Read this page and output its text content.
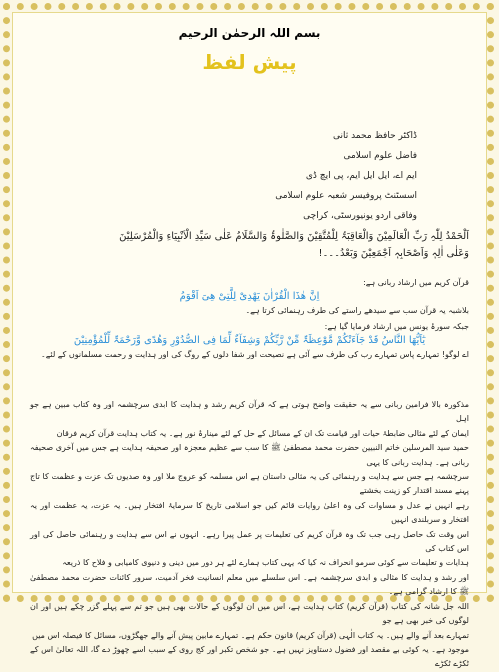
بسم اللہ الرحمٰن الرحیم
پیش لفظ
ڈاکٹر حافظ محمد ثانی
فاضل علوم اسلامی
ایم اے، ایل ایل ایم، پی ایچ ڈی
اسسٹنٹ پروفیسر شعبہ علوم اسلامی
وفاقی اردو یونیورسٹی، کراچی
اَلْحَمْدُ لِلّٰہِ رَبِّ الْعَالَمِیْنَ وَالْعَاقِبَۃُ لِلْمُتَّقِیْنَ وَالصَّلٰوۃُ وَالسَّلَامُ عَلٰی سَیِّدِ الْاَنْبِیَاءِ وَالْمُرْسَلِیْنَ
وَعَلٰی اٰلِہٖ وَاَصْحَابِہٖ اَجْمَعِیْنَ وَبَعْدُ۔۔۔!
قرآن کریم میں ارشاد ربانی ہے:
اِنَّ ھٰذَا الْقُرْاٰنَ یَھْدِیْ لِلَّتِیْ ھِیَ اَقْوَمُ
بلاشبہ یہ قرآن سب سے سیدھے راستے کی طرف رہنمائی کرتا ہے۔
جبکہ سورۂ یونس میں ارشاد فرمایا گیا ہے:
یٰٓاَیُّھَا النَّاسُ قَدْ جَآءَتْکُمْ مَّوْعِظَۃٌ مِّنْ رَّبِّکُمْ وَشِفَآءٌ لِّمَا فِی الصُّدُوْرِ وَھُدًی وَّرَحْمَۃٌ لِّلْمُؤْمِنِیْنَ
اے لوگو! تمہارے پاس تمہارے رب کی طرف سے آئی ہے نصیحت اور شفا دلوں کے روگ کی اور ہدایت و رحمت مسلمانوں کے لئے۔
مذکورہ بالا فرامین ربانی سے یہ حقیقت واضح ہوتی ہے کہ قرآن کریم رشد و ہدایت کا ابدی سرچشمہ اور وہ کتاب مبین ہے جو اہل
ایمان کے لئے مثالی ضابطۂ حیات اور قیامت تک ان کے مسائل کے حل کے لئے مینارۂ نور ہے۔ یہ کتاب ہدایت قرآن کریم فرقان
حمید سید المرسلین خاتم النبیین حضرت محمد مصطفیٰ ﷺ کا سب سے عظیم معجزہ اور صحیفہ ہدایت ہے جس میں آخری صحیفہ ربانی ہے۔ ہدایت ربانی کا یہی
سرچشمہ ہے جس سے ہدایت و رہنمائی کی یہ مثالی داستان ہے اس مسلمہ کو عروج ملا اور وہ صدیوں تک عزت و عظمت کا تاج پہنے مسند اقتدار کو زینت بخشتے
رہے انہیں نے عدل و مساوات کی وہ اعلیٰ روایات قائم کیں جو اسلامی تاریخ کا سرمایۂ افتخار ہیں۔ یہ عزت، یہ عظمت اور یہ افتخار و سربلندی انہیں
اس وقت تک حاصل رہی جب تک وہ قرآن کریم کی تعلیمات پر عمل پیرا رہے۔ انہوں نے اس سے ہدایت و رہنمائی حاصل کی اور اس کتاب کی
ہدایات و تعلیمات سے کوئی سرمو انحراف نہ کیا کہ یہی کتاب ہمارے لئے ہر دور میں دینی و دنیوی کامیابی و فلاح کا ذریعہ
اور رشد و ہدایت کا مثالی و ابدی سرچشمہ ہے۔ اس سلسلے میں معلم انسانیت فخر آدمیت، سرور کائنات حضرت محمد مصطفیٰ ﷺ کا ارشاد گرامی ہے۔
اللہ جل شانہ کی کتاب (قرآن کریم) کتاب ہدایت ہے، اس میں ان لوگوں کے حالات بھی ہیں جو تم سے پہلے گزر چکے ہیں اور ان لوگوں کی خبر بھی ہے جو
تمہارے بعد آنے والے ہیں۔ یہ کتاب الٰہی (قرآن کریم) قانون حکم ہے۔ تمہارے مابین پیش آنے والے جھگڑوں، مسائل کا فیصلہ اس میں
موجود ہے۔ یہ کوئی بے مقصد اور فضول دستاویز نہیں ہے۔ جو شخص تکبر اور کج روی کے سبب اسے چھوڑ دے گا، اللہ تعالیٰ اس کے ٹکڑے ٹکڑے
